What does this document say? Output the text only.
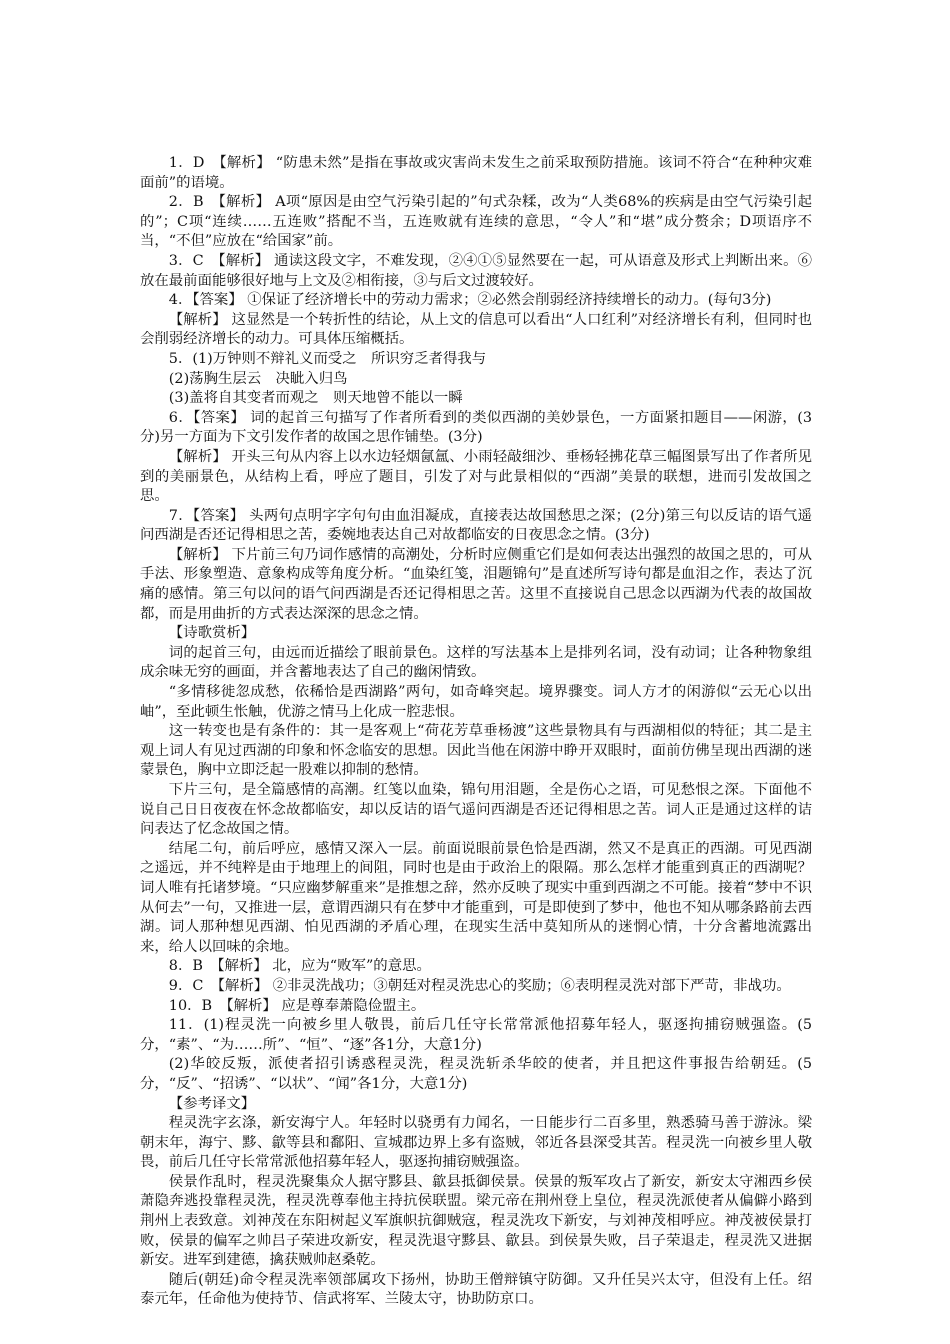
1．D　【解析】 “防患未然”是指在事故或灾害尚未发生之前采取预防措施。该词不符合“在种种灾难面前”的语境。

2．B　【解析】 A项“原因是由空气污染引起的”句式杂糅，改为“人类68%的疾病是由空气污染引起的”；C项“连续……五连败”搭配不当，五连败就有连续的意思，“令人”和“堪”成分赘余；D项语序不当，“不但”应放在“给国家”前。

3．C　【解析】 通读这段文字，不难发现，②④①⑤显然要在一起，可从语意及形式上判断出来。⑥放在最前面能够很好地与上文及②相衔接，③与后文过渡较好。

4．【答案】 ①保证了经济增长中的劳动力需求；②必然会削弱经济持续增长的动力。(每句3分)

【解析】 这显然是一个转折性的结论，从上文的信息可以看出“人口红利”对经济增长有利，但同时也会削弱经济增长的动力。可具体压缩概括。

5．(1)万钟则不辩礼义而受之　所识穷乏者得我与

(2)荡胸生层云　决眦入归鸟

(3)盖将自其变者而观之　则天地曾不能以一瞬

6．【答案】 词的起首三句描写了作者所看到的类似西湖的美妙景色，一方面紧扣题目——闲游，(3分)另一方面为下文引发作者的故国之思作铺垫。(3分)

【解析】 开头三句从内容上以水边轻烟氤氲、小雨轻敲细沙、垂杨轻拂花草三幅图景写出了作者所见到的美丽景色，从结构上看，呼应了题目，引发了对与此景相似的“西湖”美景的联想，进而引发故国之思。

7．【答案】 头两句点明字字句句由血泪凝成，直接表达故国愁思之深；(2分)第三句以反诘的语气遥问西湖是否还记得相思之苦，委婉地表达自己对故都临安的日夜思念之情。(3分)

【解析】 下片前三句乃词作感情的高潮处，分析时应侧重它们是如何表达出强烈的故国之思的，可从手法、形象塑造、意象构成等角度分析。“血染红笺，泪题锦句”是直述所写诗句都是血泪之作，表达了沉痛的感情。第三句以问的语气问西湖是否还记得相思之苦。这里不直接说自己思念以西湖为代表的故国故都，而是用曲折的方式表达深深的思念之情。

【诗歌赏析】

词的起首三句，由远而近描绘了眼前景色。这样的写法基本上是排列名词，没有动词；让各种物象组成余味无穷的画面，并含蓄地表达了自己的幽闲情致。

“多情移徙忽成愁，依稀恰是西湖路”两句，如奇峰突起。境界骤变。词人方才的闲游似“云无心以出岫”，至此顿生怅触，优游之情马上化成一腔悲恨。

这一转变也是有条件的：其一是客观上“荷花芳草垂杨渡”这些景物具有与西湖相似的特征；其二是主观上词人有见过西湖的印象和怀念临安的思想。因此当他在闲游中睁开双眼时，面前仿佛呈现出西湖的迷蒙景色，胸中立即泛起一股难以抑制的愁情。

下片三句，是全篇感情的高潮。红笺以血染，锦句用泪题，全是伤心之语，可见愁恨之深。下面他不说自己日日夜夜在怀念故都临安，却以反诘的语气遥问西湖是否还记得相思之苦。词人正是通过这样的诘问表达了忆念故国之情。

结尾二句，前后呼应，感情又深入一层。前面说眼前景色恰是西湖，然又不是真正的西湖。可见西湖之遥远，并不纯粹是由于地理上的间阻，同时也是由于政治上的限隔。那么怎样才能重到真正的西湖呢？词人唯有托诸梦境。“只应幽梦解重来”是推想之辞，然亦反映了现实中重到西湖之不可能。接着“梦中不识从何去”一句，又推进一层，意谓西湖只有在梦中才能重到，可是即使到了梦中，他也不知从哪条路前去西湖。词人那种想见西湖、怕见西湖的矛盾心理，在现实生活中莫知所从的迷惘心情，十分含蓄地流露出来，给人以回味的余地。

8．B　【解析】 北，应为“败军”的意思。

9．C　【解析】 ②非灵洗战功；③朝廷对程灵洗忠心的奖励；⑥表明程灵洗对部下严苛，非战功。

10．B　【解析】 应是尊奉萧隐俭盟主。

11．(1)程灵洗一向被乡里人敬畏，前后几任守长常常派他招募年轻人，驱逐拘捕窃贼强盗。(5分，“素”、“为……所”、“恒”、“逐”各1分，大意1分)

(2)华皎反叛，派使者招引诱惑程灵洗，程灵洗斩杀华皎的使者，并且把这件事报告给朝廷。(5分，“反”、“招诱”、“以状”、“闻”各1分，大意1分)

【参考译文】

程灵洗字玄涤，新安海宁人。年轻时以骁勇有力闻名，一日能步行二百多里，熟悉骑马善于游泳。梁朝末年，海宁、黟、歙等县和鄱阳、宣城郡边界上多有盗贼，邻近各县深受其苦。程灵洗一向被乡里人敬畏，前后几任守长常常派他招募年轻人，驱逐拘捕窃贼强盗。

侯景作乱时，程灵洗聚集众人据守黟县、歙县抵御侯景。侯景的叛军攻占了新安，新安太守湘西乡侯萧隐奔逃投靠程灵洗，程灵洗尊奉他主持抗侯联盟。梁元帝在荆州登上皇位，程灵洗派使者从偏僻小路到荆州上表致意。刘神茂在东阳树起义军旗帜抗御贼寇，程灵洗攻下新安，与刘神茂相呼应。神茂被侯景打败，侯景的偏军之帅吕子荣进攻新安，程灵洗退守黟县、歙县。到侯景失败，吕子荣退走，程灵洗又进据新安。进军到建德，擒获贼帅赵桑乾。

随后(朝廷)命令程灵洗率领部属攻下扬州，协助王僧辩镇守防御。又升任吴兴太守，但没有上任。绍泰元年，任命他为使持节、信武将军、兰陵太守，协助防京口。
